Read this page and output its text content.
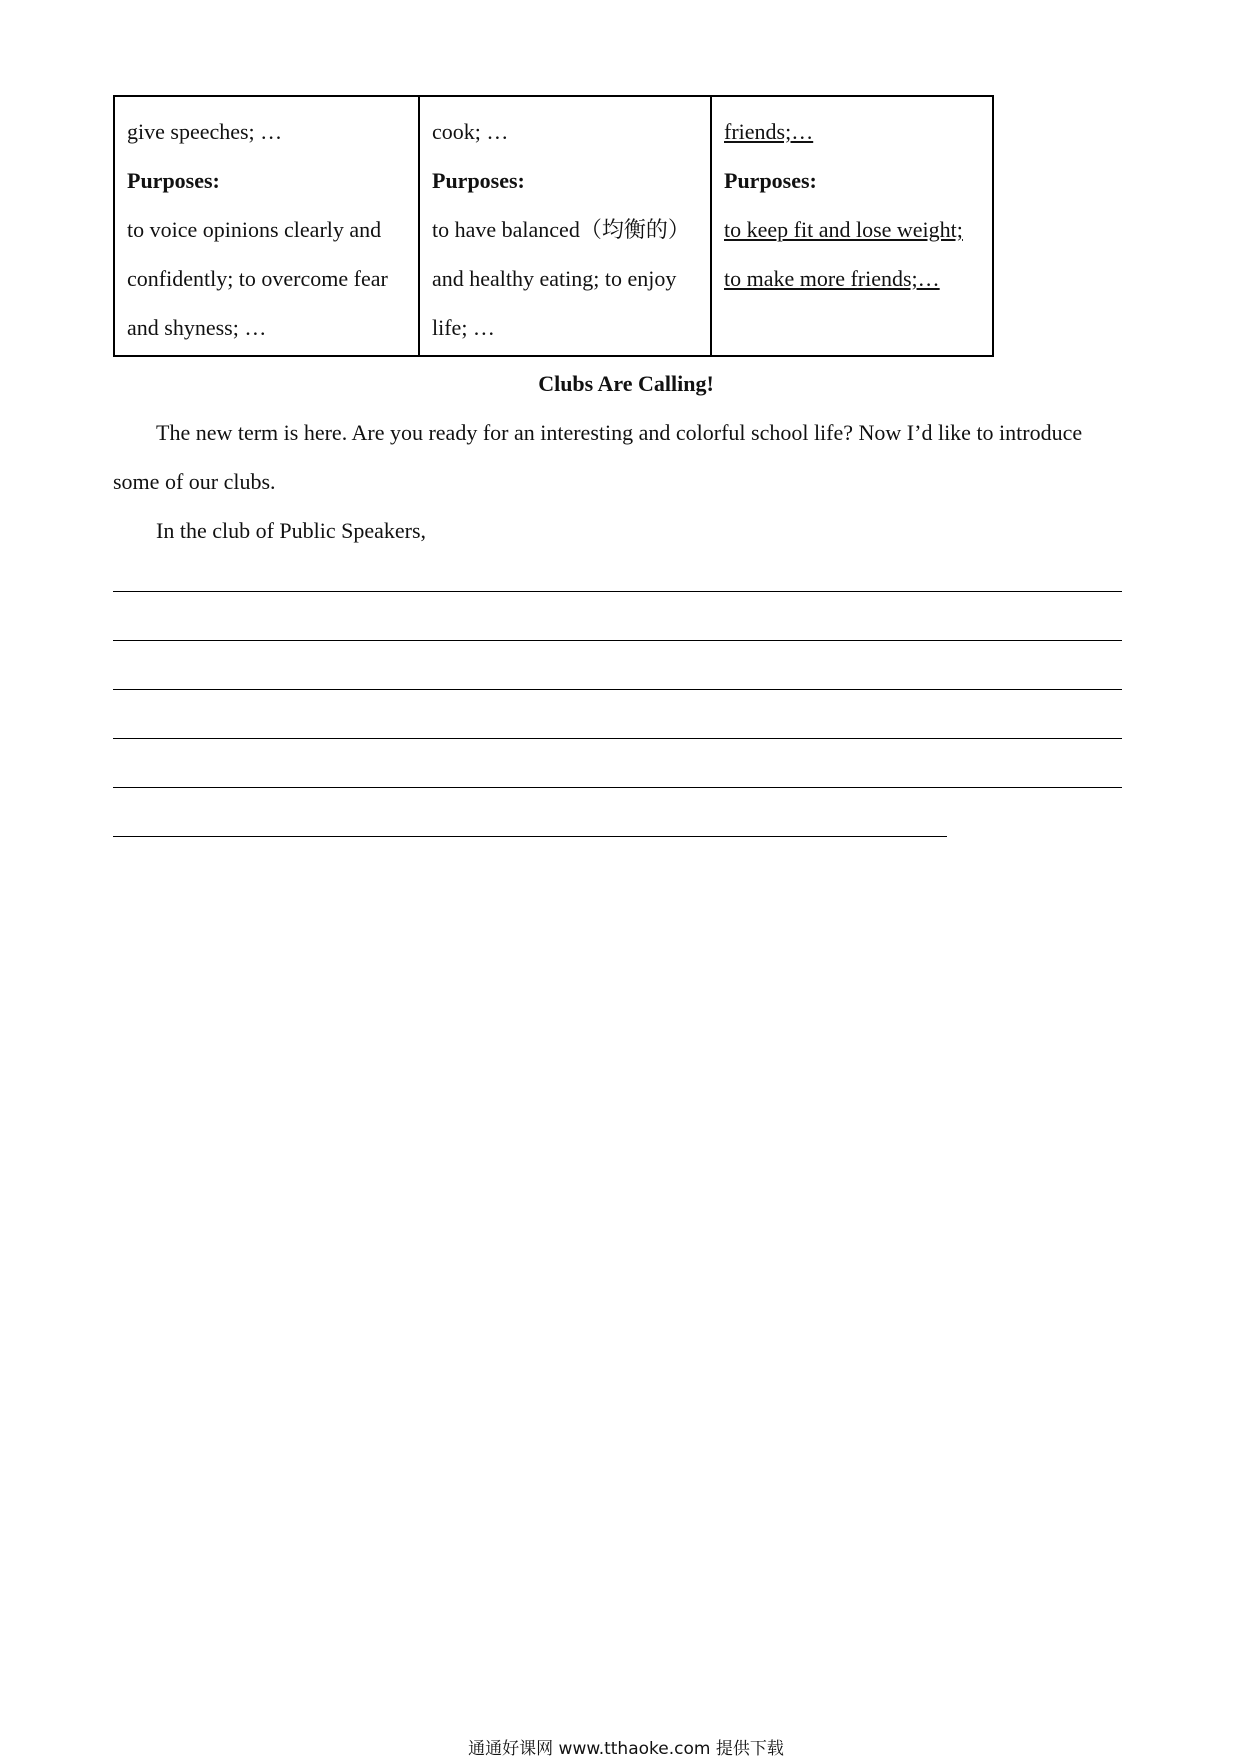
give speeches; …
Purposes:
to voice opinions clearly and
confidently; to overcome fear
and shyness; …

cook; …
Purposes:
to have balanced（均衡的）
and healthy eating; to enjoy
life; …

friends;…
Purposes:
to keep fit and lose weight;
to make more friends;…
Clubs Are Calling!
The new term is here. Are you ready for an interesting and colorful school life? Now I’d like to introduce some of our clubs.
In the club of Public Speakers,
通通好课网 www.tthaoke.com 提供下载
